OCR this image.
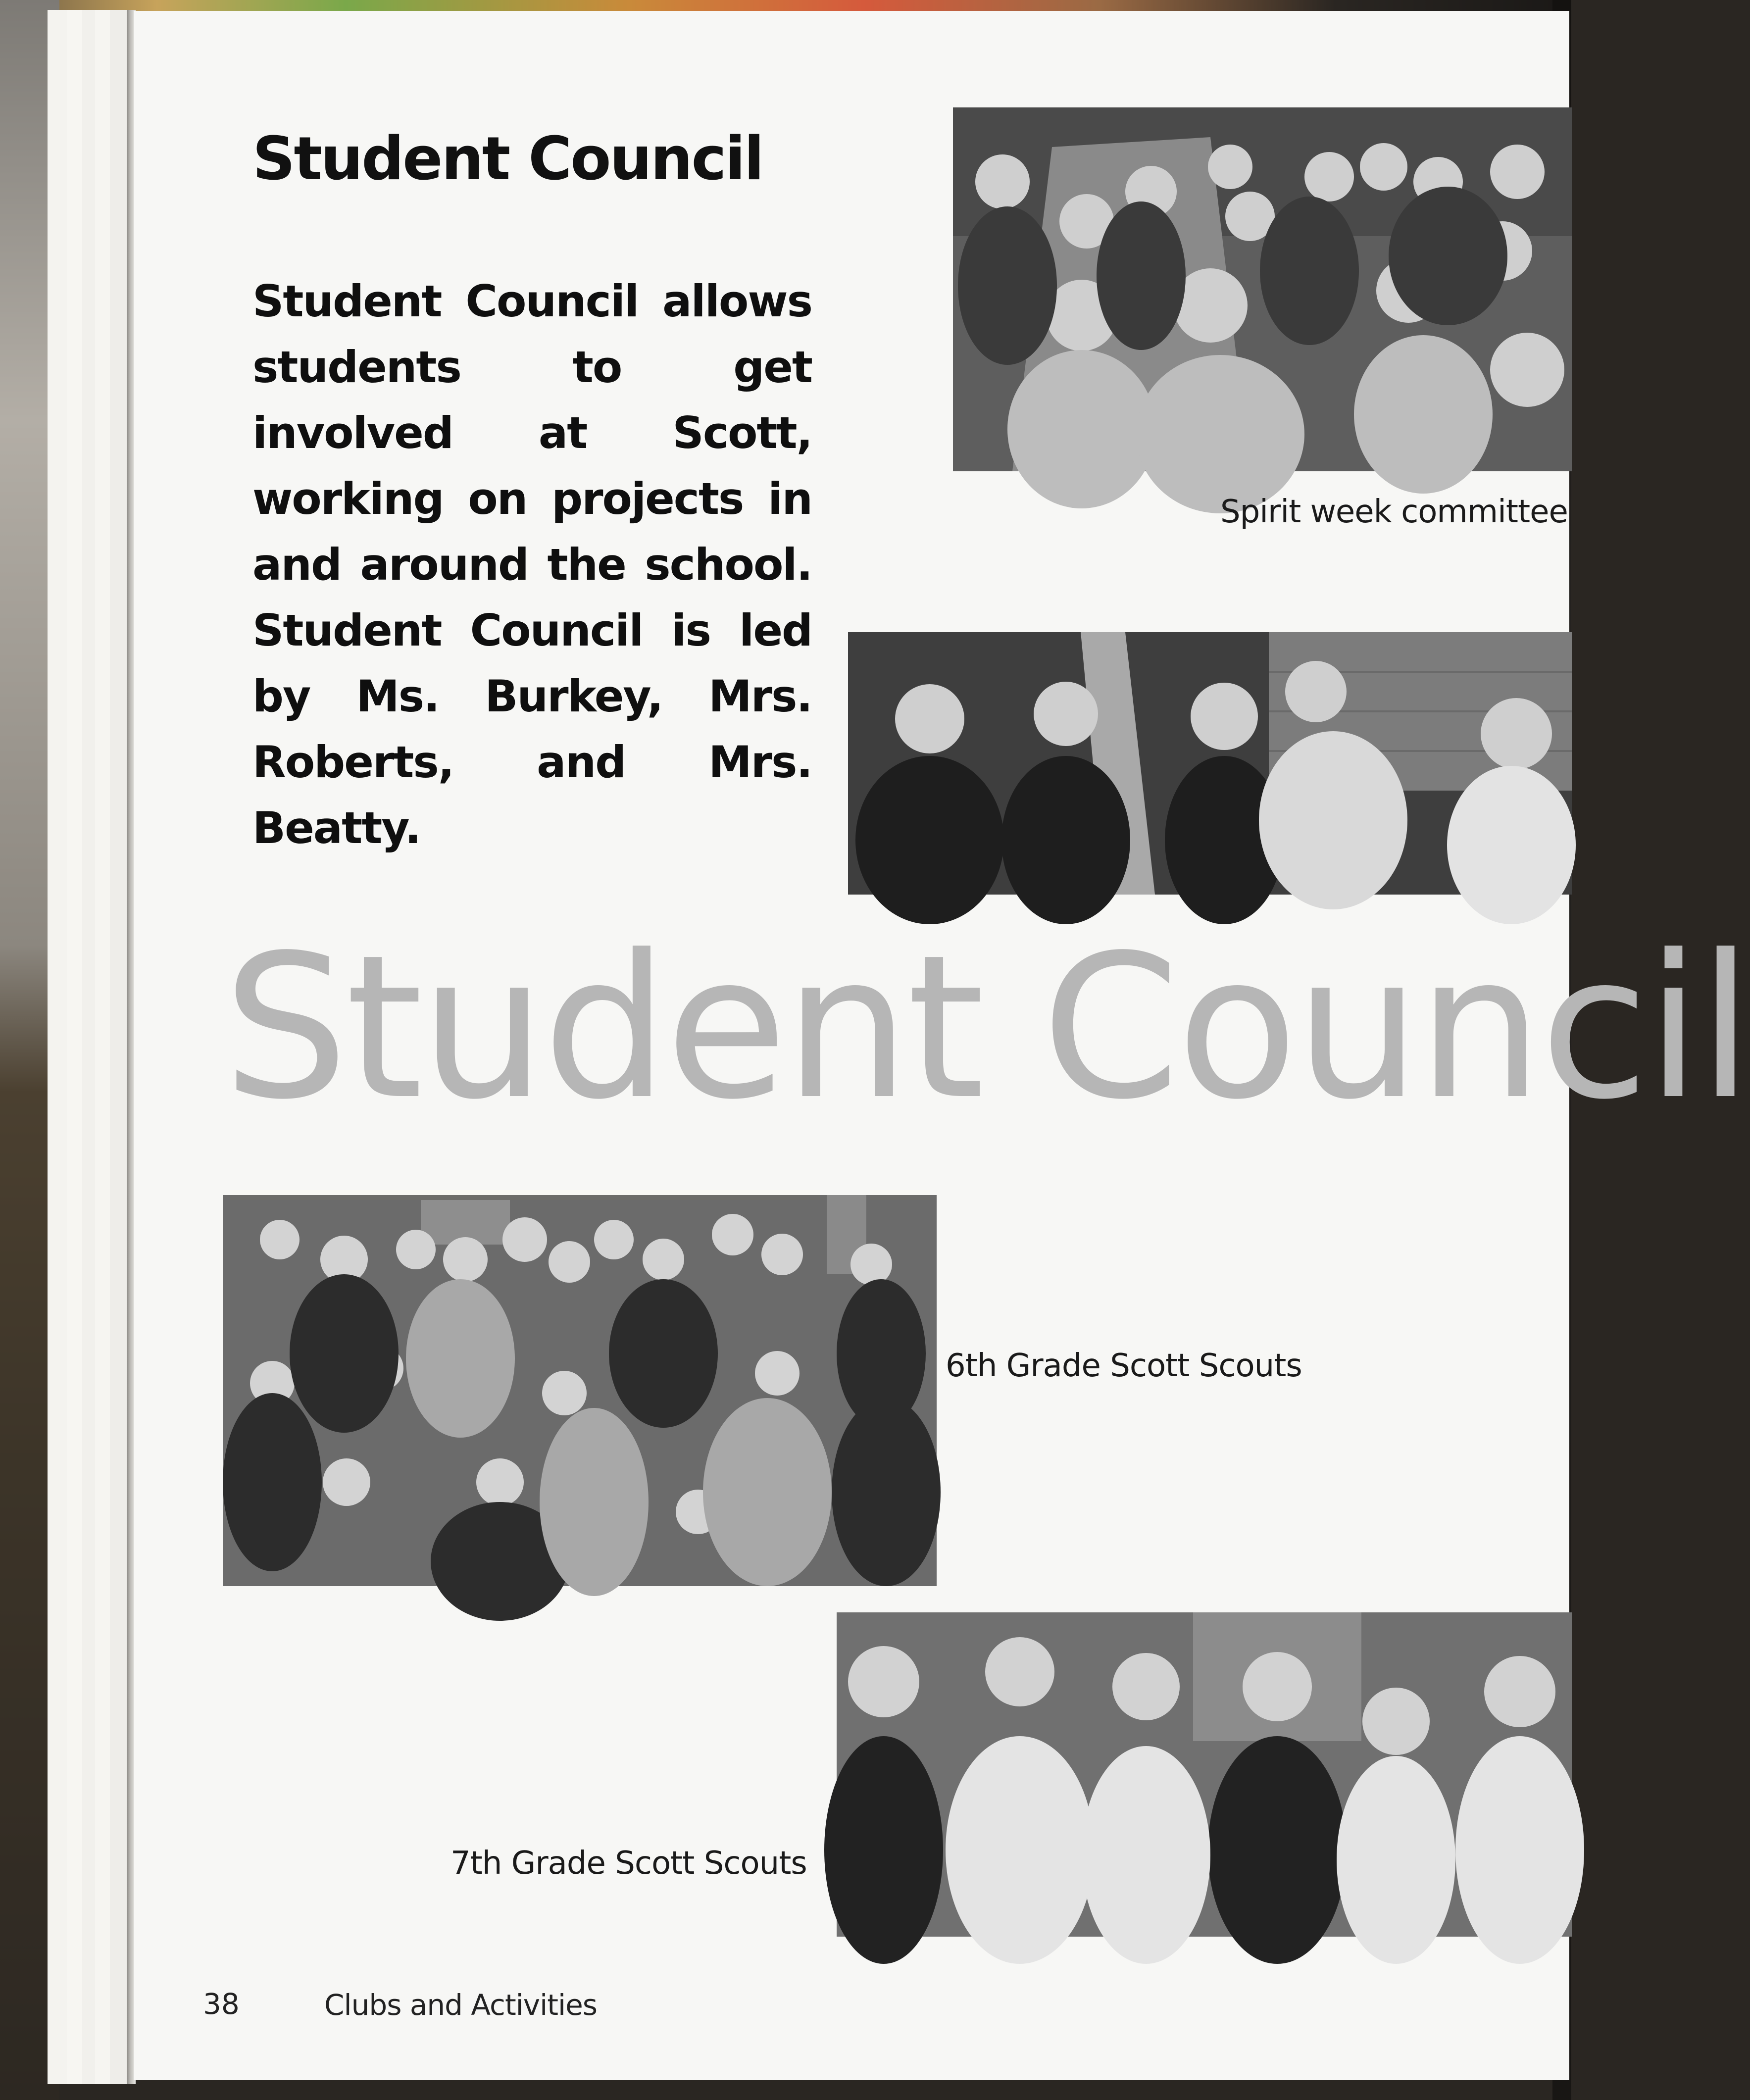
Student Council
Student Council allows students to get involved at Scott, working on projects in and around the school. Student Council is led by Ms. Burkey, Mrs. Roberts, and Mrs. Beatty.
Spirit week committee
Student Council
6th Grade Scott Scouts
7th Grade Scott Scouts
38	Clubs and Activities
